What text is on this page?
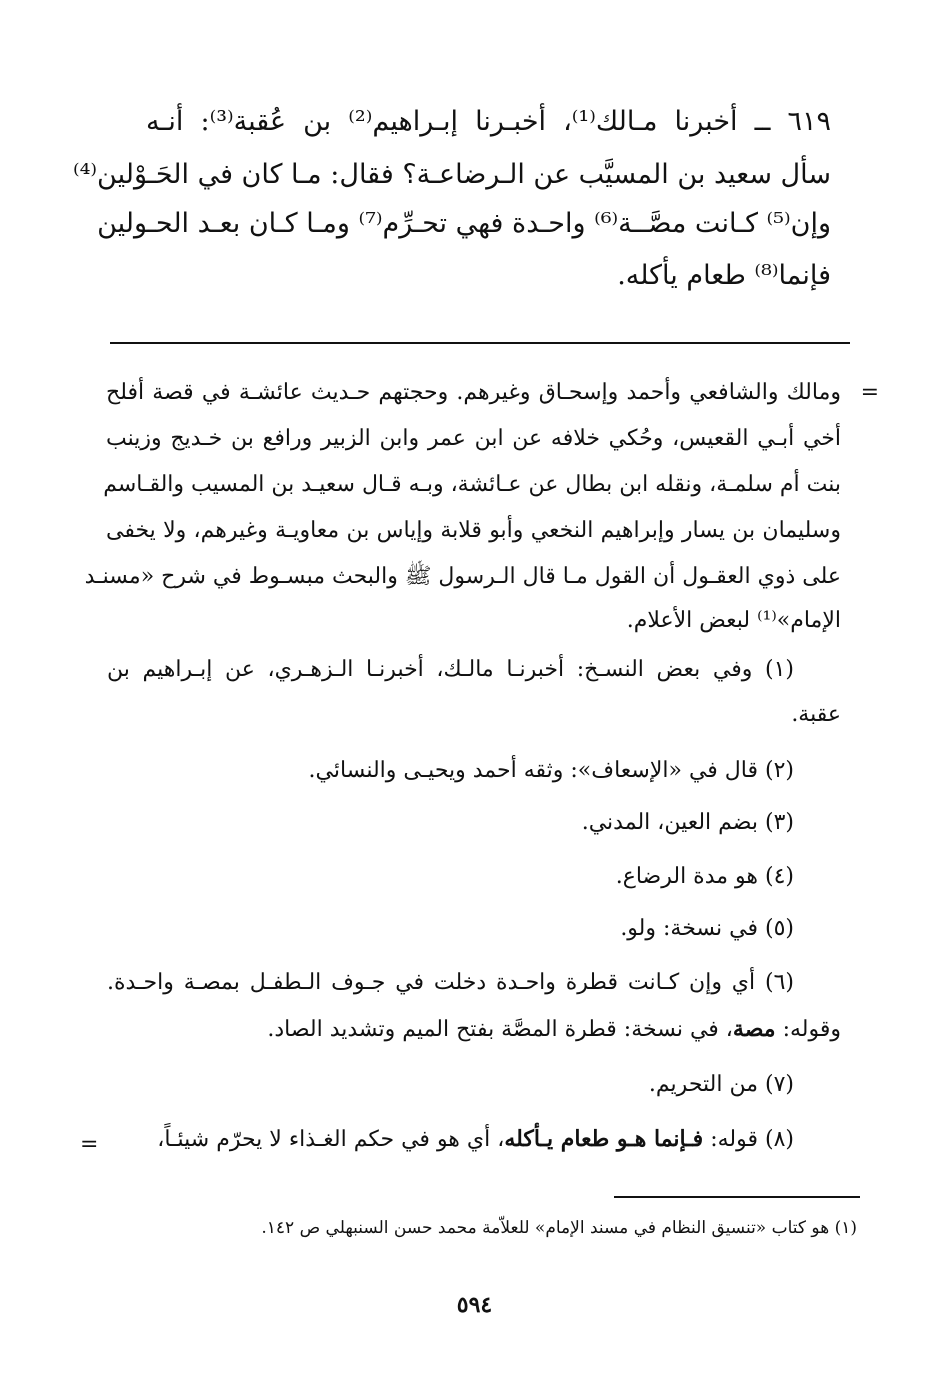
٦١٩ ــ أخبرنا مـالك⁽¹⁾، أخبـرنا إبـراهيم⁽²⁾ بن عُقبة⁽³⁾: أنـه
سأل سعيد بن المسيَّب عن الـرضاعـة؟ فقال: مـا كان في الحَـوْلين⁽⁴⁾
وإن⁽⁵⁾ كـانت مصَّــة⁽⁶⁾ واحـدة فهي تحـرِّم⁽⁷⁾ ومـا كـان بعـد الحـولين
فإنما⁽⁸⁾ طعام يأكله.
=
ومالك والشافعي وأحمد وإسحـاق وغيرهم. وحجتهم حـديث عائشـة في قصة أفلح
أخي أبـي القعيس، وحُكي خلافه عن ابن عمر وابن الزبير ورافع بن خـديج وزينب
بنت أم سلمـة، ونقله ابن بطال عن عـائشة، وبـه قـال سعيـد بن المسيب والقـاسم
وسليمان بن يسار وإبراهيم النخعي وأبو قلابة وإياس بن معاويـة وغيرهم، ولا يخفى
على ذوي العقـول أن القول مـا قال الـرسول ﷺ والبحث مبسـوط في شرح «مسنـد
الإمام»⁽¹⁾ لبعض الأعلام.
(١) وفي بعض النسـخ: أخبرنـا مالـك، أخبرنـا الـزهـري، عن إبـراهيم بن
عقبة.
(٢) قال في «الإسعاف»: وثقه أحمد ويحيـى والنسائي.
(٣) بضم العين، المدني.
(٤) هو مدة الرضاع.
(٥) في نسخة: ولو.
(٦) أي وإن كـانت قطرة واحـدة دخلت في جـوف الـطفـل بمصـة واحـدة.
وقوله: مصة، في نسخة: قطرة المصَّة بفتح الميم وتشديد الصاد.
(٧) من التحريم.
(٨) قوله: فـإنما هـو طعام يـأكله، أي هو في حكم الغـذاء لا يحرّم شيئـاً،
=
(١) هو كتاب «تنسيق النظام في مسند الإمام» للعلاّمة محمد حسن السنبهلي ص ١٤٢.
٥٩٤
